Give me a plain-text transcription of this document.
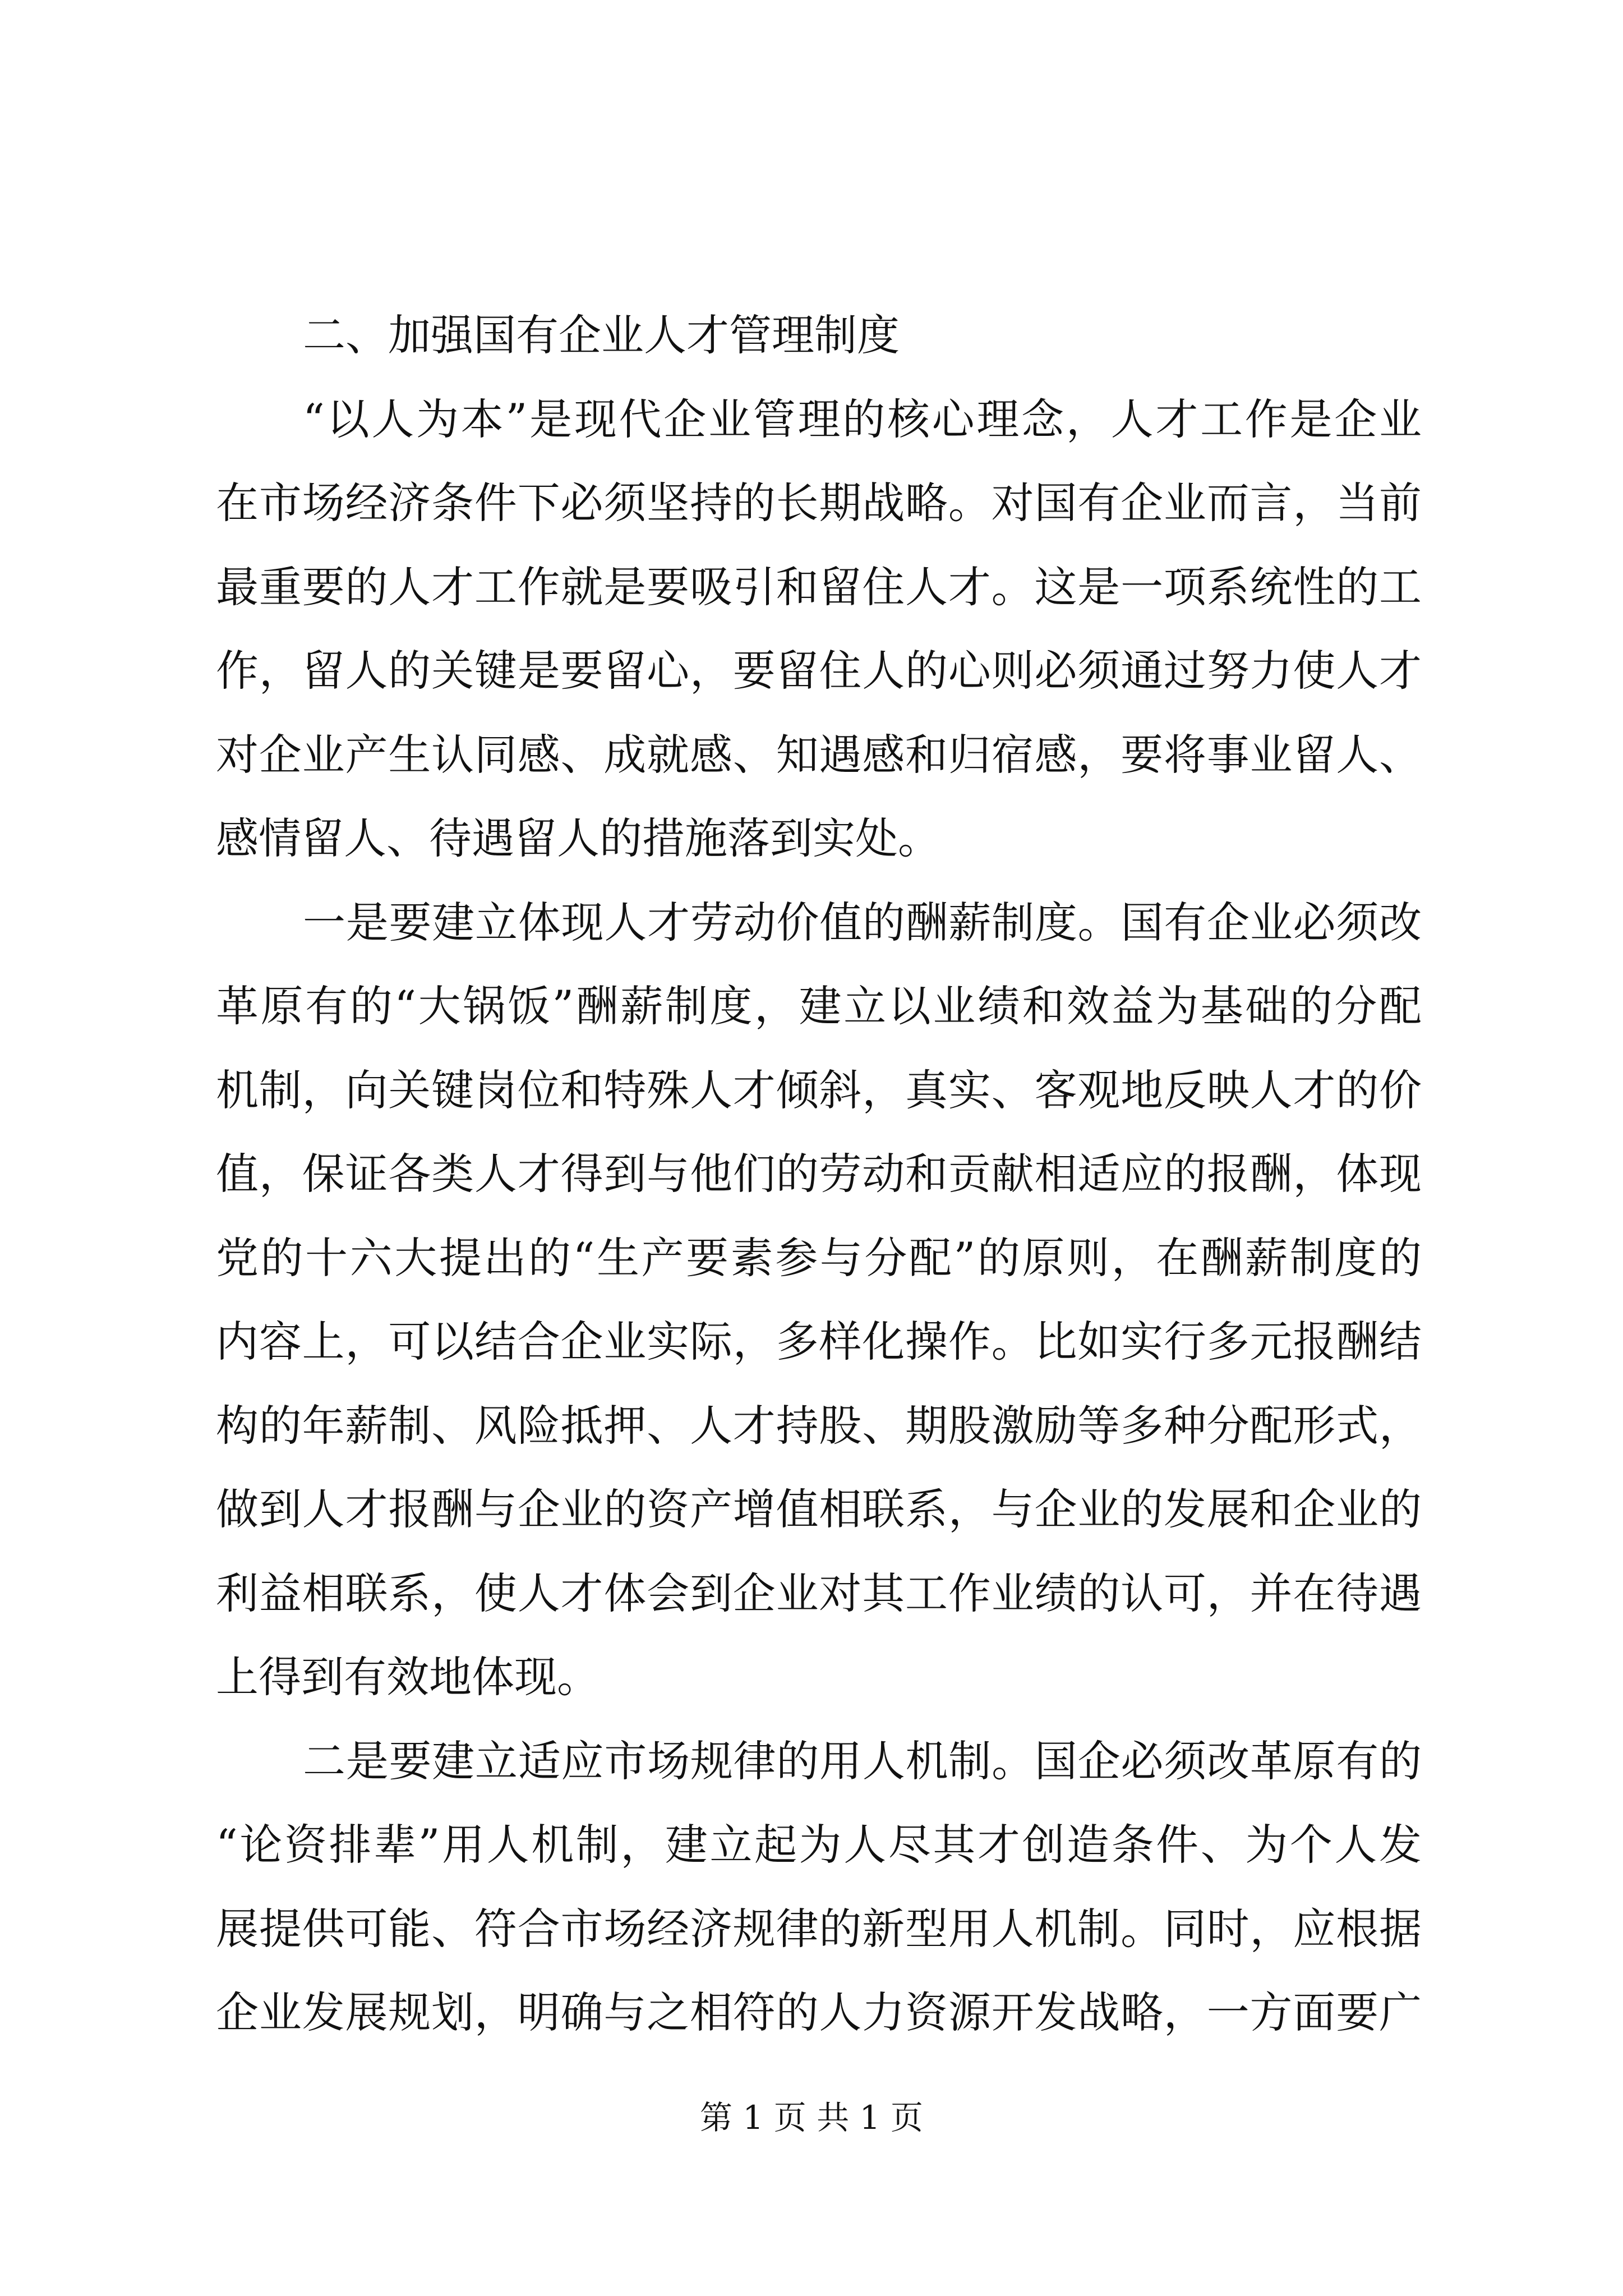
二、加强国有企业人才管理制度
“以人为本”是现代企业管理的核心理念，人才工作是企业
在市场经济条件下必须坚持的长期战略。对国有企业而言，当前
最重要的人才工作就是要吸引和留住人才。这是一项系统性的工
作，留人的关键是要留心，要留住人的心则必须通过努力使人才
对企业产生认同感、成就感、知遇感和归宿感，要将事业留人、
感情留人、待遇留人的措施落到实处。
一是要建立体现人才劳动价值的酬薪制度。国有企业必须改
革原有的“大锅饭”酬薪制度，建立以业绩和效益为基础的分配
机制，向关键岗位和特殊人才倾斜，真实、客观地反映人才的价
值，保证各类人才得到与他们的劳动和贡献相适应的报酬，体现
党的十六大提出的“生产要素参与分配”的原则，在酬薪制度的
内容上，可以结合企业实际，多样化操作。比如实行多元报酬结
构的年薪制、风险抵押、人才持股、期股激励等多种分配形式，
做到人才报酬与企业的资产增值相联系，与企业的发展和企业的
利益相联系，使人才体会到企业对其工作业绩的认可，并在待遇
上得到有效地体现。
二是要建立适应市场规律的用人机制。国企必须改革原有的
“论资排辈”用人机制，建立起为人尽其才创造条件、为个人发
展提供可能、符合市场经济规律的新型用人机制。同时，应根据
企业发展规划，明确与之相符的人力资源开发战略，一方面要广
第 1 页 共 1 页
